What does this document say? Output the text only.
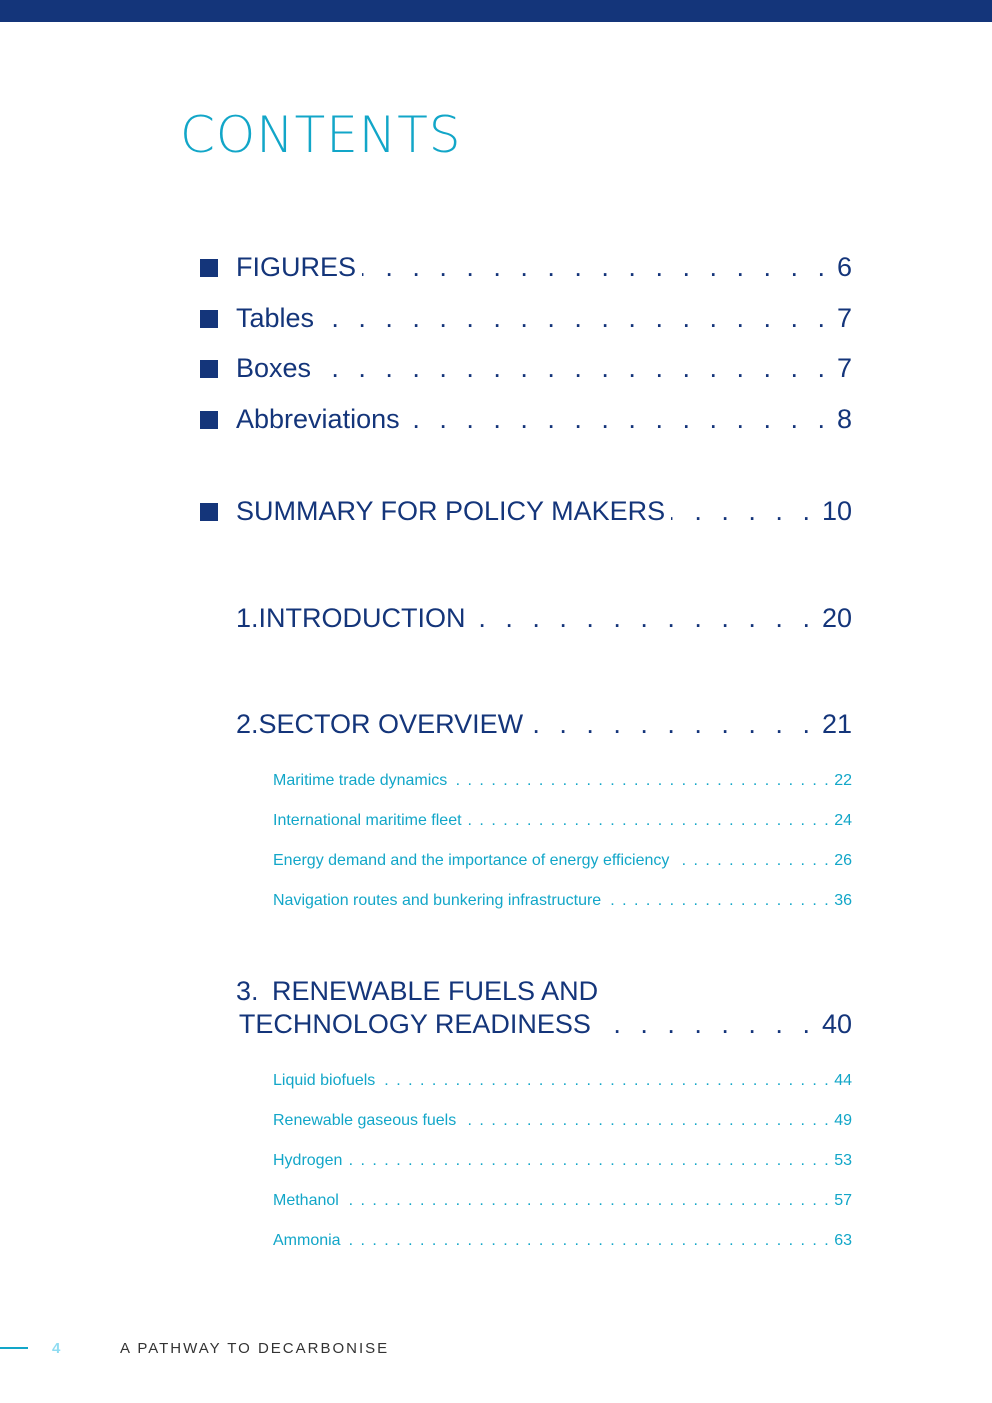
CONTENTS
FIGURES . . .	6
Tables . . .	7
Boxes . . .	7
Abbreviations . . .	8
SUMMARY FOR POLICY MAKERS . . .	10
1. INTRODUCTION . . .	20
2. SECTOR OVERVIEW . . .	21
Maritime trade dynamics . . .	22
International maritime fleet . . .	24
Energy demand and the importance of energy efficiency . . .	26
Navigation routes and bunkering infrastructure . . .	36
3. RENEWABLE FUELS AND
TECHNOLOGY READINESS . . .	40
Liquid biofuels . . .	44
Renewable gaseous fuels . . .	49
Hydrogen . . .	53
Methanol . . .	57
Ammonia . . .	63
4	A PATHWAY TO DECARBONISE
